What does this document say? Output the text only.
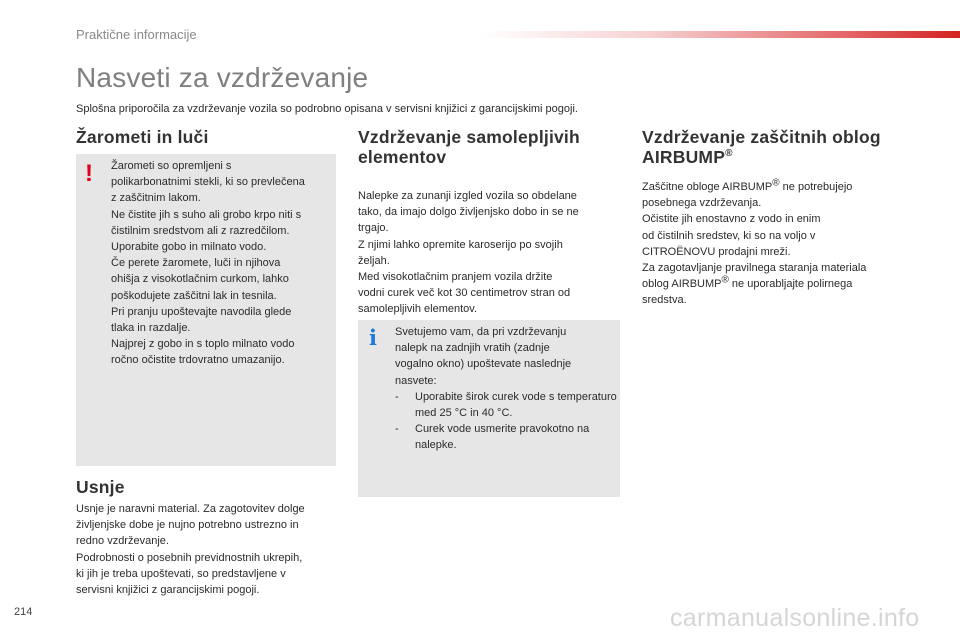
Praktične informacije
Nasveti za vzdrževanje
Splošna priporočila za vzdrževanje vozila so podrobno opisana v servisni knjižici z garancijskimi pogoji.
Žarometi in luči
! Žarometi so opremljeni s
polikarbonatnimi stekli, ki so prevlečena
z zaščitnim lakom.
Ne čistite jih s suho ali grobo krpo niti s
čistilnim sredstvom ali z razredčilom.
Uporabite gobo in milnato vodo.
Če perete žaromete, luči in njihova
ohišja z visokotlačnim curkom, lahko
poškodujete zaščitni lak in tesnila.
Pri pranju upoštevajte navodila glede
tlaka in razdalje.
Najprej z gobo in s toplo milnato vodo
ročno očistite trdovratno umazanijo.

Usnje

Usnje je naravni material. Za zagotovitev dolge
življenjske dobe je nujno potrebno ustrezno in
redno vzdrževanje.
Podrobnosti o posebnih previdnostnih ukrepih,
ki jih je treba upoštevati, so predstavljene v
servisni knjižici z garancijskimi pogoji.

Vzdrževanje samolepljivih
elementov

Nalepke za zunanji izgled vozila so obdelane
tako, da imajo dolgo življenjsko dobo in se ne
trgajo.
Z njimi lahko opremite karoserijo po svojih
željah.
Med visokotlačnim pranjem vozila držite
vodni curek več kot 30 centimetrov stran od
samolepljivih elementov.

i Svetujemo vam, da pri vzdrževanju
nalepk na zadnjih vratih (zadnje
vogalno okno) upoštevate naslednje
nasvete:

- Uporabite širok curek vode s temperaturo med 25 °C in 40 °C.
- Curek vode usmerite pravokotno na nalepke.
Vzdrževanje zaščitnih oblog
AIRBUMP®

Zaščitne obloge AIRBUMP® ne potrebujejo
posebnega vzdrževanja.
Očistite jih enostavno z vodo in enim
od čistilnih sredstev, ki so na voljo v
CITROËNOVU prodajni mreži.
Za zagotavljanje pravilnega staranja materiala
oblog AIRBUMP® ne uporabljajte polirnega
sredstva.

214	carmanualsonline.info
